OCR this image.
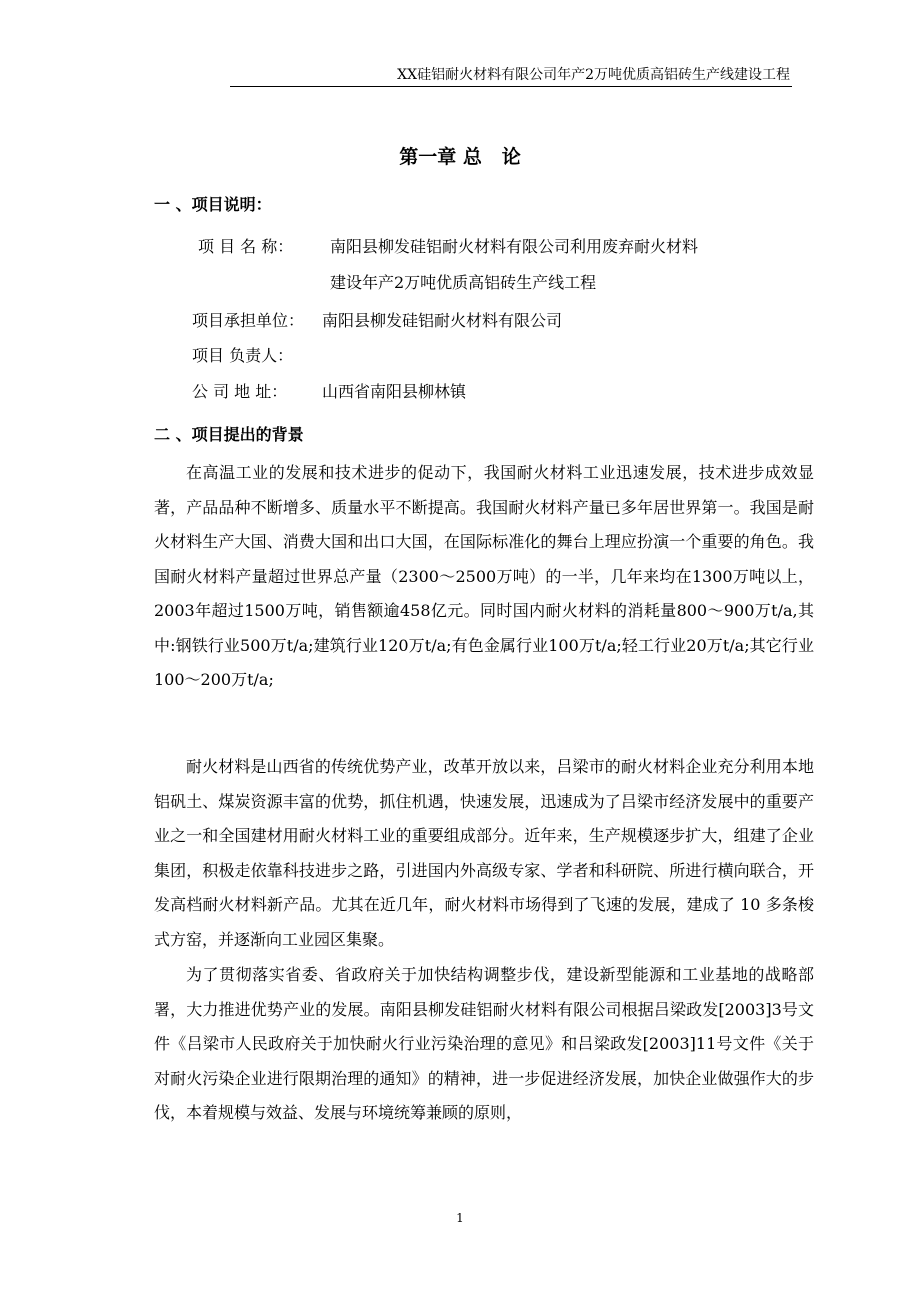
XX硅铝耐火材料有限公司年产2万吨优质高铝砖生产线建设工程
第一章 总   论
一 、项目说明：
项 目 名 称： 南阳县柳发硅铝耐火材料有限公司利用废弃耐火材料
建设年产2万吨优质高铝砖生产线工程
项目承担单位： 南阳县柳发硅铝耐火材料有限公司
项目 负责人：
公 司 地 址： 山西省南阳县柳林镇
二 、项目提出的背景

在高温工业的发展和技术进步的促动下，我国耐火材料工业迅速发展，技术进步成效显著，产品品种不断增多、质量水平不断提高。我国耐火材料产量已多年居世界第一。我国是耐火材料生产大国、消费大国和出口大国，在国际标准化的舞台上理应扮演一个重要的角色。我国耐火材料产量超过世界总产量（2300～2500万吨）的一半，几年来均在1300万吨以上，2003年超过1500万吨，销售额逾458亿元。同时国内耐火材料的消耗量800～900万t/a,其中:钢铁行业500万t/a;建筑行业120万t/a;有色金属行业100万t/a;轻工行业20万t/a;其它行业100～200万t/a;

耐火材料是山西省的传统优势产业，改革开放以来，吕梁市的耐火材料企业充分利用本地铝矾土、煤炭资源丰富的优势，抓住机遇，快速发展，迅速成为了吕梁市经济发展中的重要产业之一和全国建材用耐火材料工业的重要组成部分。近年来，生产规模逐步扩大，组建了企业集团，积极走依靠科技进步之路，引进国内外高级专家、学者和科研院、所进行横向联合，开发高档耐火材料新产品。尤其在近几年，耐火材料市场得到了飞速的发展，建成了 10 多条梭式方窑，并逐渐向工业园区集聚。

为了贯彻落实省委、省政府关于加快结构调整步伐，建设新型能源和工业基地的战略部署，大力推进优势产业的发展。南阳县柳发硅铝耐火材料有限公司根据吕梁政发[2003]3号文件《吕梁市人民政府关于加快耐火行业污染治理的意见》和吕梁政发[2003]11号文件《关于对耐火污染企业进行限期治理的通知》的精神，进一步促进经济发展，加快企业做强作大的步伐，本着规模与效益、发展与环境统筹兼顾的原则，

1
